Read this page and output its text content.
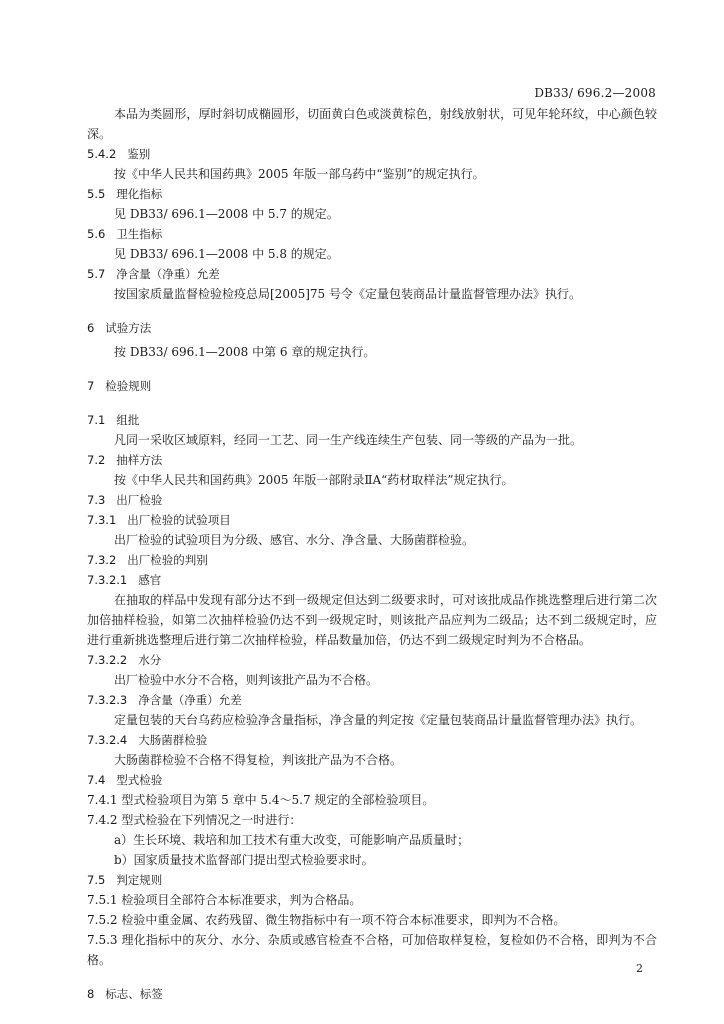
DB33/ 696.2—2008

本品为类圆形，厚时斜切成椭圆形，切面黄白色或淡黄棕色，射线放射状，可见年轮环纹，中心颜色较深。

5.4.2   鉴别

按《中华人民共和国药典》2005 年版一部乌药中“鉴别”的规定执行。

5.5   理化指标

见 DB33/ 696.1—2008 中 5.7 的规定。

5.6   卫生指标

见 DB33/ 696.1—2008 中 5.8 的规定。

5.7   净含量（净重）允差

按国家质量监督检验检疫总局[2005]75 号令《定量包装商品计量监督管理办法》执行。

6   试验方法

按 DB33/ 696.1—2008 中第 6 章的规定执行。

7   检验规则

7.1   组批

凡同一采收区域原料，经同一工艺、同一生产线连续生产包装、同一等级的产品为一批。

7.2   抽样方法

按《中华人民共和国药典》2005 年版一部附录ⅡA“药材取样法”规定执行。

7.3   出厂检验

7.3.1   出厂检验的试验项目

出厂检验的试验项目为分级、感官、水分、净含量、大肠菌群检验。

7.3.2   出厂检验的判别

7.3.2.1   感官

在抽取的样品中发现有部分达不到一级规定但达到二级要求时，可对该批成品作挑选整理后进行第二次加倍抽样检验，如第二次抽样检验仍达不到一级规定时，则该批产品应判为二级品；达不到二级规定时，应进行重新挑选整理后进行第二次抽样检验，样品数量加倍，仍达不到二级规定时判为不合格品。

7.3.2.2   水分

出厂检验中水分不合格，则判该批产品为不合格。

7.3.2.3   净含量（净重）允差

定量包装的天台乌药应检验净含量指标，净含量的判定按《定量包装商品计量监督管理办法》执行。

7.3.2.4   大肠菌群检验

大肠菌群检验不合格不得复检，判该批产品为不合格。

7.4   型式检验

7.4.1 型式检验项目为第 5 章中 5.4～5.7 规定的全部检验项目。

7.4.2 型式检验在下列情况之一时进行：

a）生长环境、栽培和加工技术有重大改变，可能影响产品质量时；

b）国家质量技术监督部门提出型式检验要求时。

7.5   判定规则

7.5.1 检验项目全部符合本标准要求，判为合格品。

7.5.2 检验中重金属、农药残留、微生物指标中有一项不符合本标准要求，即判为不合格。

7.5.3 理化指标中的灰分、水分、杂质或感官检查不合格，可加倍取样复检，复检如仍不合格，即判为不合格。

8   标志、标签

2
